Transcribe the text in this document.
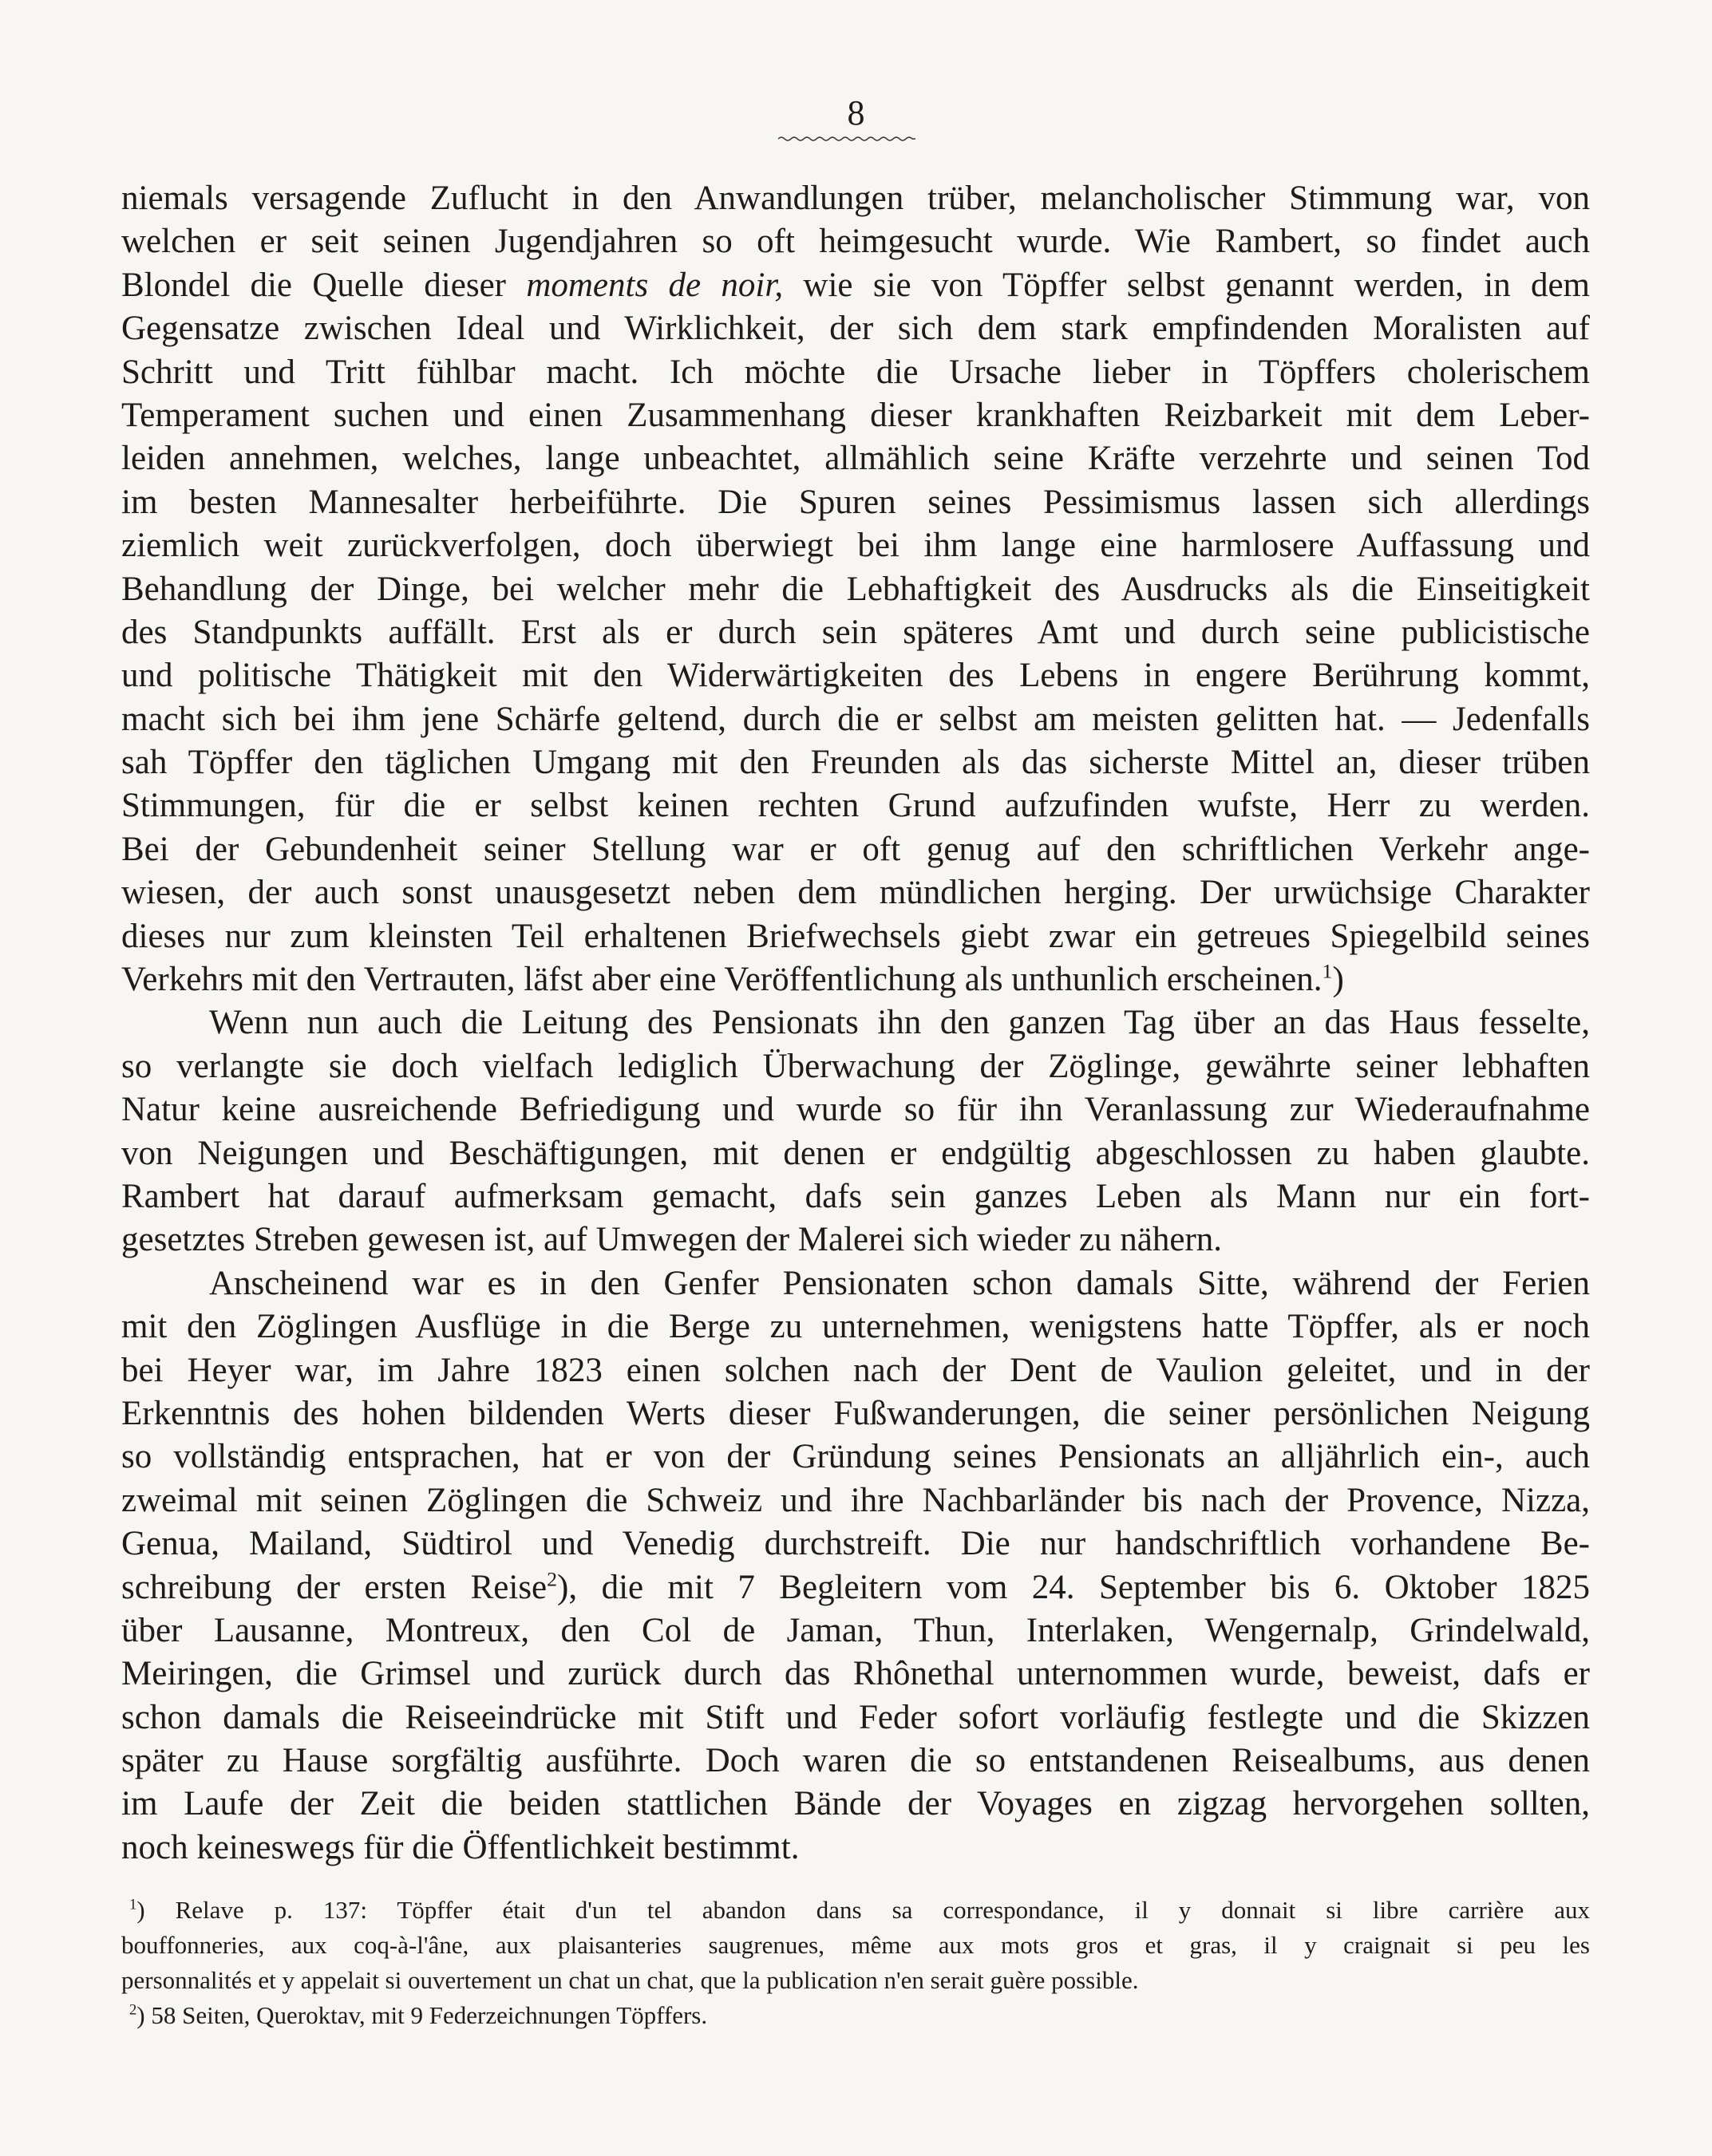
8
niemals versagende Zuflucht in den Anwandlungen trüber, melancholischer Stimmung war, von
welchen er seit seinen Jugendjahren so oft heimgesucht wurde. Wie Rambert, so findet auch
Blondel die Quelle dieser moments de noir, wie sie von Töpffer selbst genannt werden, in dem
Gegensatze zwischen Ideal und Wirklichkeit, der sich dem stark empfindenden Moralisten auf
Schritt und Tritt fühlbar macht. Ich möchte die Ursache lieber in Töpffers cholerischem
Temperament suchen und einen Zusammenhang dieser krankhaften Reizbarkeit mit dem Leber-
leiden annehmen, welches, lange unbeachtet, allmählich seine Kräfte verzehrte und seinen Tod
im besten Mannesalter herbeiführte. Die Spuren seines Pessimismus lassen sich allerdings
ziemlich weit zurückverfolgen, doch überwiegt bei ihm lange eine harmlosere Auffassung und
Behandlung der Dinge, bei welcher mehr die Lebhaftigkeit des Ausdrucks als die Einseitigkeit
des Standpunkts auffällt. Erst als er durch sein späteres Amt und durch seine publicistische
und politische Thätigkeit mit den Widerwärtigkeiten des Lebens in engere Berührung kommt,
macht sich bei ihm jene Schärfe geltend, durch die er selbst am meisten gelitten hat. — Jedenfalls
sah Töpffer den täglichen Umgang mit den Freunden als das sicherste Mittel an, dieser trüben
Stimmungen, für die er selbst keinen rechten Grund aufzufinden wufste, Herr zu werden.
Bei der Gebundenheit seiner Stellung war er oft genug auf den schriftlichen Verkehr ange-
wiesen, der auch sonst unausgesetzt neben dem mündlichen herging. Der urwüchsige Charakter
dieses nur zum kleinsten Teil erhaltenen Briefwechsels giebt zwar ein getreues Spiegelbild seines
Verkehrs mit den Vertrauten, läfst aber eine Veröffentlichung als unthunlich erscheinen.$^1$)
Wenn nun auch die Leitung des Pensionats ihn den ganzen Tag über an das Haus fesselte,
so verlangte sie doch vielfach lediglich Überwachung der Zöglinge, gewährte seiner lebhaften
Natur keine ausreichende Befriedigung und wurde so für ihn Veranlassung zur Wiederaufnahme
von Neigungen und Beschäftigungen, mit denen er endgültig abgeschlossen zu haben glaubte.
Rambert hat darauf aufmerksam gemacht, dafs sein ganzes Leben als Mann nur ein fort-
gesetztes Streben gewesen ist, auf Umwegen der Malerei sich wieder zu nähern.
Anscheinend war es in den Genfer Pensionaten schon damals Sitte, während der Ferien
mit den Zöglingen Ausflüge in die Berge zu unternehmen, wenigstens hatte Töpffer, als er noch
bei Heyer war, im Jahre 1823 einen solchen nach der Dent de Vaulion geleitet, und in der
Erkenntnis des hohen bildenden Werts dieser Fußwanderungen, die seiner persönlichen Neigung
so vollständig entsprachen, hat er von der Gründung seines Pensionats an alljährlich ein-, auch
zweimal mit seinen Zöglingen die Schweiz und ihre Nachbarländer bis nach der Provence, Nizza,
Genua, Mailand, Südtirol und Venedig durchstreift. Die nur handschriftlich vorhandene Be-
schreibung der ersten Reise$^2$), die mit 7 Begleitern vom 24. September bis 6. Oktober 1825
über Lausanne, Montreux, den Col de Jaman, Thun, Interlaken, Wengernalp, Grindelwald,
Meiringen, die Grimsel und zurück durch das Rhônethal unternommen wurde, beweist, dafs er
schon damals die Reiseeindrücke mit Stift und Feder sofort vorläufig festlegte und die Skizzen
später zu Hause sorgfältig ausführte. Doch waren die so entstandenen Reisealbums, aus denen
im Laufe der Zeit die beiden stattlichen Bände der Voyages en zigzag hervorgehen sollten,
noch keineswegs für die Öffentlichkeit bestimmt.
$^1$) Relave p. 137: Töpffer était d'un tel abandon dans sa correspondance, il y donnait si libre carrière aux
bouffonneries, aux coq-à-l'âne, aux plaisanteries saugrenues, même aux mots gros et gras, il y craignait si peu les
personnalités et y appelait si ouvertement un chat un chat, que la publication n'en serait guère possible.
$^2$) 58 Seiten, Queroktav, mit 9 Federzeichnungen Töpffers.
